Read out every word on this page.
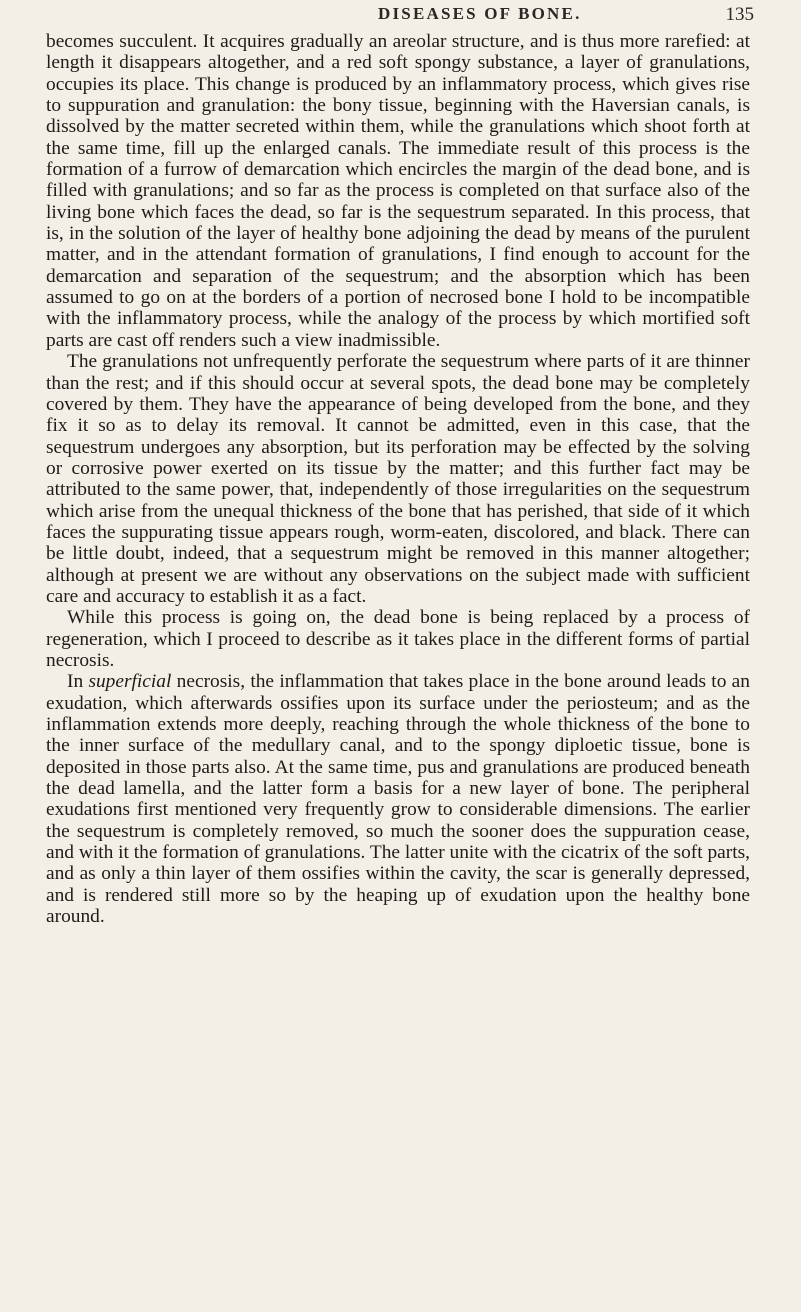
DISEASES OF BONE.	135

becomes succulent. It acquires gradually an areolar structure, and is thus more rarefied: at length it disappears altogether, and a red soft spongy substance, a layer of granulations, occupies its place. This change is produced by an inflammatory process, which gives rise to suppuration and granulation: the bony tissue, beginning with the Haversian canals, is dissolved by the matter secreted within them, while the granulations which shoot forth at the same time, fill up the enlarged canals. The immediate result of this process is the formation of a furrow of demarcation which encircles the margin of the dead bone, and is filled with granulations; and so far as the process is completed on that surface also of the living bone which faces the dead, so far is the sequestrum separated. In this process, that is, in the solution of the layer of healthy bone adjoining the dead by means of the purulent matter, and in the attendant formation of granulations, I find enough to account for the demarcation and separation of the sequestrum; and the absorption which has been assumed to go on at the borders of a portion of necrosed bone I hold to be incompatible with the inflammatory process, while the analogy of the process by which mortified soft parts are cast off renders such a view inadmissible.

The granulations not unfrequently perforate the sequestrum where parts of it are thinner than the rest; and if this should occur at several spots, the dead bone may be completely covered by them. They have the appearance of being developed from the bone, and they fix it so as to delay its removal. It cannot be admitted, even in this case, that the sequestrum undergoes any absorption, but its perforation may be effected by the solving or corrosive power exerted on its tissue by the matter; and this further fact may be attributed to the same power, that, independently of those irregularities on the sequestrum which arise from the unequal thickness of the bone that has perished, that side of it which faces the suppurating tissue appears rough, worm-eaten, discolored, and black. There can be little doubt, indeed, that a sequestrum might be removed in this manner altogether; although at present we are without any observations on the subject made with sufficient care and accuracy to establish it as a fact.

While this process is going on, the dead bone is being replaced by a process of regeneration, which I proceed to describe as it takes place in the different forms of partial necrosis.

In superficial necrosis, the inflammation that takes place in the bone around leads to an exudation, which afterwards ossifies upon its surface under the periosteum; and as the inflammation extends more deeply, reaching through the whole thickness of the bone to the inner surface of the medullary canal, and to the spongy diploetic tissue, bone is deposited in those parts also. At the same time, pus and granulations are produced beneath the dead lamella, and the latter form a basis for a new layer of bone. The peripheral exudations first mentioned very frequently grow to considerable dimensions. The earlier the sequestrum is completely removed, so much the sooner does the suppuration cease, and with it the formation of granulations. The latter unite with the cicatrix of the soft parts, and as only a thin layer of them ossifies within the cavity, the scar is generally depressed, and is rendered still more so by the heaping up of exudation upon the healthy bone around.
